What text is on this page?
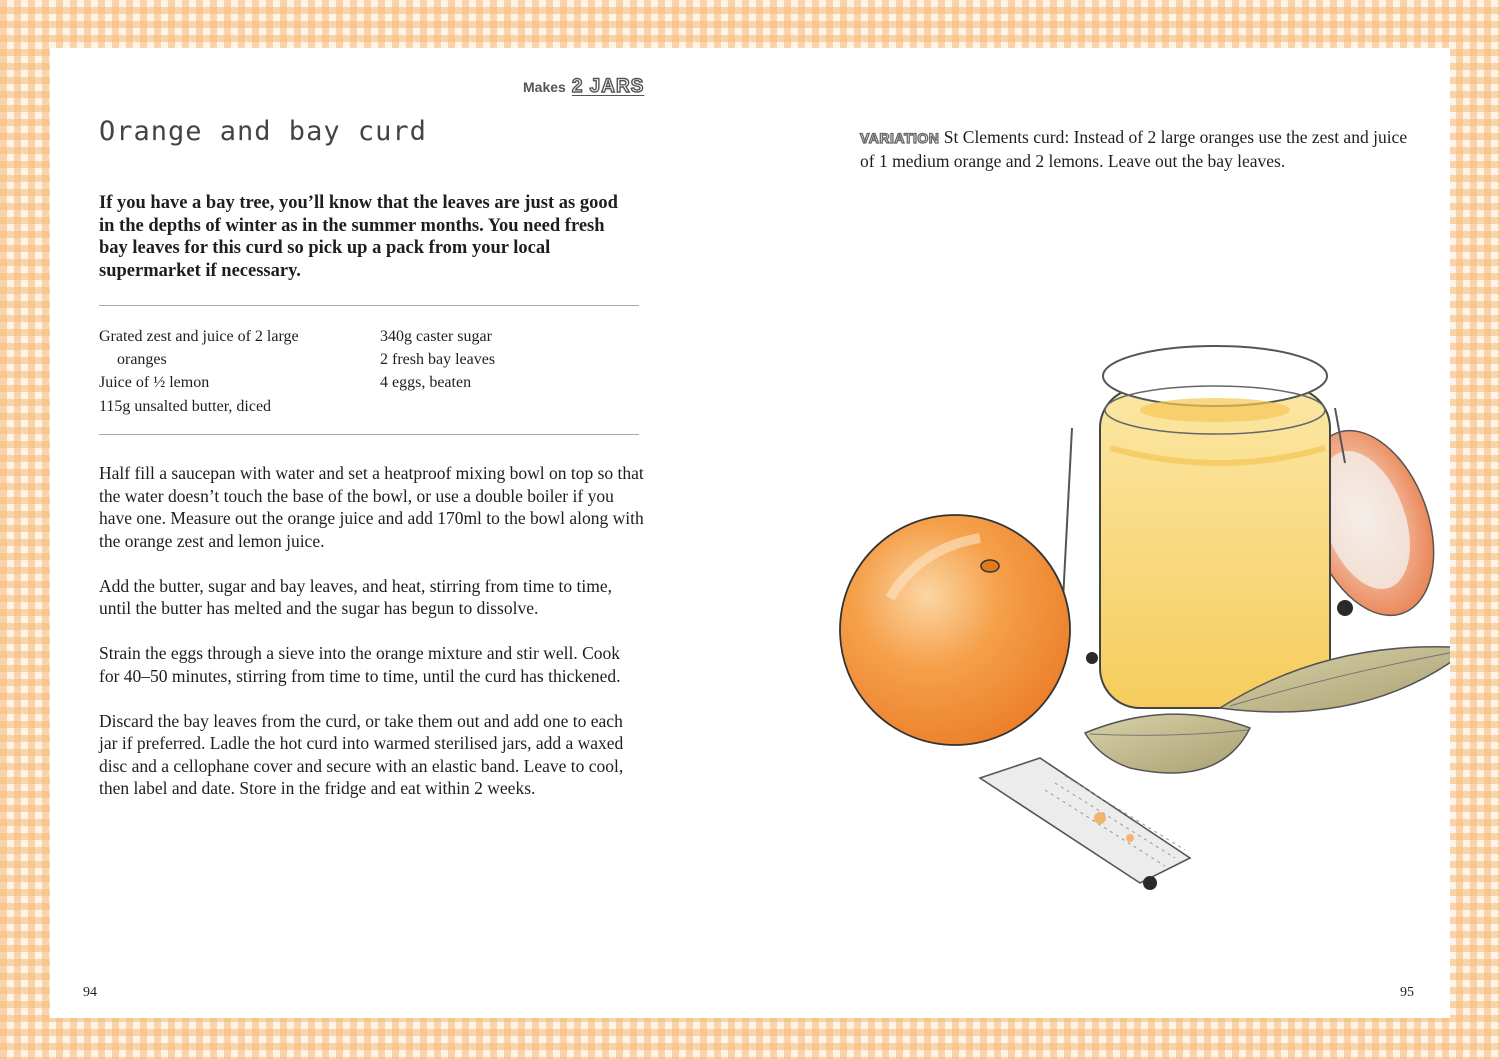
Makes 2 JARS
Orange and bay curd

If you have a bay tree, you’ll know that the leaves are just as good in the depths of winter as in the summer months. You need fresh bay leaves for this curd so pick up a pack from your local supermarket if necessary.

Grated zest and juice of 2 large oranges
Juice of ½ lemon
115g unsalted butter, diced
340g caster sugar
2 fresh bay leaves
4 eggs, beaten

Half fill a saucepan with water and set a heatproof mixing bowl on top so that the water doesn’t touch the base of the bowl, or use a double boiler if you have one. Measure out the orange juice and add 170ml to the bowl along with the orange zest and lemon juice.

Add the butter, sugar and bay leaves, and heat, stirring from time to time, until the butter has melted and the sugar has begun to dissolve.

Strain the eggs through a sieve into the orange mixture and stir well. Cook for 40–50 minutes, stirring from time to time, until the curd has thickened.

Discard the bay leaves from the curd, or take them out and add one to each jar if preferred. Ladle the hot curd into warmed sterilised jars, add a waxed disc and a cellophane cover and secure with an elastic band. Leave to cool, then label and date. Store in the fridge and eat within 2 weeks.

VARIATION St Clements curd: Instead of 2 large oranges use the zest and juice of 1 medium orange and 2 lemons. Leave out the bay leaves.

94	95
